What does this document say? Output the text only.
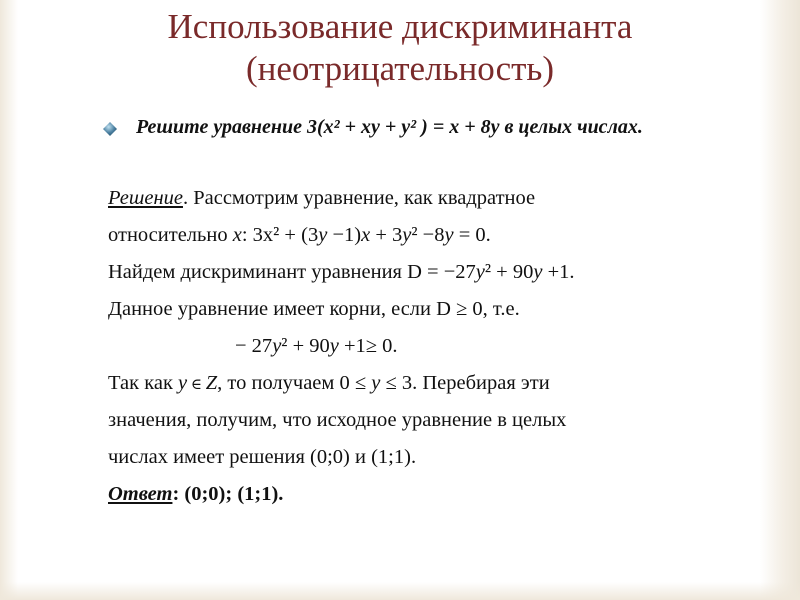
Использование дискриминанта
(неотрицательность)
Решите уравнение 3(x² + xy + y² ) = x + 8y в целых числах.
Решение. Рассмотрим уравнение, как квадратное
относительно x: 3x² + (3y −1)x + 3y² −8y = 0.
Найдем дискриминант уравнения D = −27y² + 90y +1.
Данное уравнение имеет корни, если D ≥ 0, т.е.
− 27y² + 90y +1≥ 0.
Так как y ∈ Z, то получаем 0 ≤ y ≤ 3. Перебирая эти
значения, получим, что исходное уравнение в целых
числах имеет решения (0;0) и (1;1).
Ответ: (0;0); (1;1).
